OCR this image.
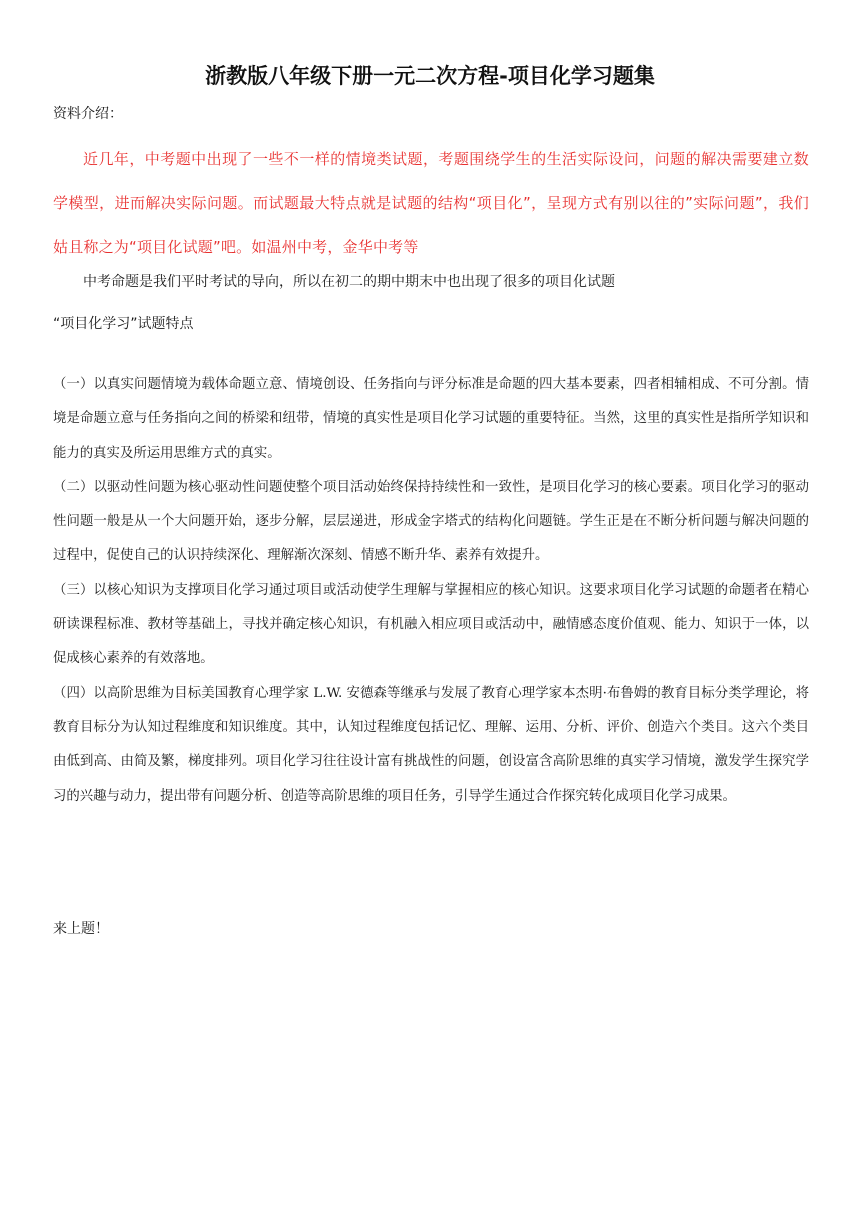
浙教版八年级下册一元二次方程-项目化学习题集
资料介绍：
近几年，中考题中出现了一些不一样的情境类试题，考题围绕学生的生活实际设问，问题的解决需要建立数学模型，进而解决实际问题。而试题最大特点就是试题的结构“项目化”，呈现方式有别以往的”实际问题”，我们姑且称之为“项目化试题”吧。如温州中考，金华中考等
中考命题是我们平时考试的导向，所以在初二的期中期末中也出现了很多的项目化试题
“项目化学习”试题特点

（一）以真实问题情境为载体命题立意、情境创设、任务指向与评分标准是命题的四大基本要素，四者相辅相成、不可分割。情境是命题立意与任务指向之间的桥梁和纽带，情境的真实性是项目化学习试题的重要特征。当然，这里的真实性是指所学知识和能力的真实及所运用思维方式的真实。

（二）以驱动性问题为核心驱动性问题使整个项目活动始终保持持续性和一致性，是项目化学习的核心要素。项目化学习的驱动性问题一般是从一个大问题开始，逐步分解，层层递进，形成金字塔式的结构化问题链。学生正是在不断分析问题与解决问题的过程中，促使自己的认识持续深化、理解渐次深刻、情感不断升华、素养有效提升。

（三）以核心知识为支撑项目化学习通过项目或活动使学生理解与掌握相应的核心知识。这要求项目化学习试题的命题者在精心研读课程标准、教材等基础上，寻找并确定核心知识，有机融入相应项目或活动中，融情感态度价值观、能力、知识于一体，以促成核心素养的有效落地。

（四）以高阶思维为目标美国教育心理学家 L.W. 安德森等继承与发展了教育心理学家本杰明·布鲁姆的教育目标分类学理论，将教育目标分为认知过程维度和知识维度。其中，认知过程维度包括记忆、理解、运用、分析、评价、创造六个类目。这六个类目由低到高、由简及繁，梯度排列。项目化学习往往设计富有挑战性的问题，创设富含高阶思维的真实学习情境，激发学生探究学习的兴趣与动力，提出带有问题分析、创造等高阶思维的项目任务，引导学生通过合作探究转化成项目化学习成果。

来上题！
